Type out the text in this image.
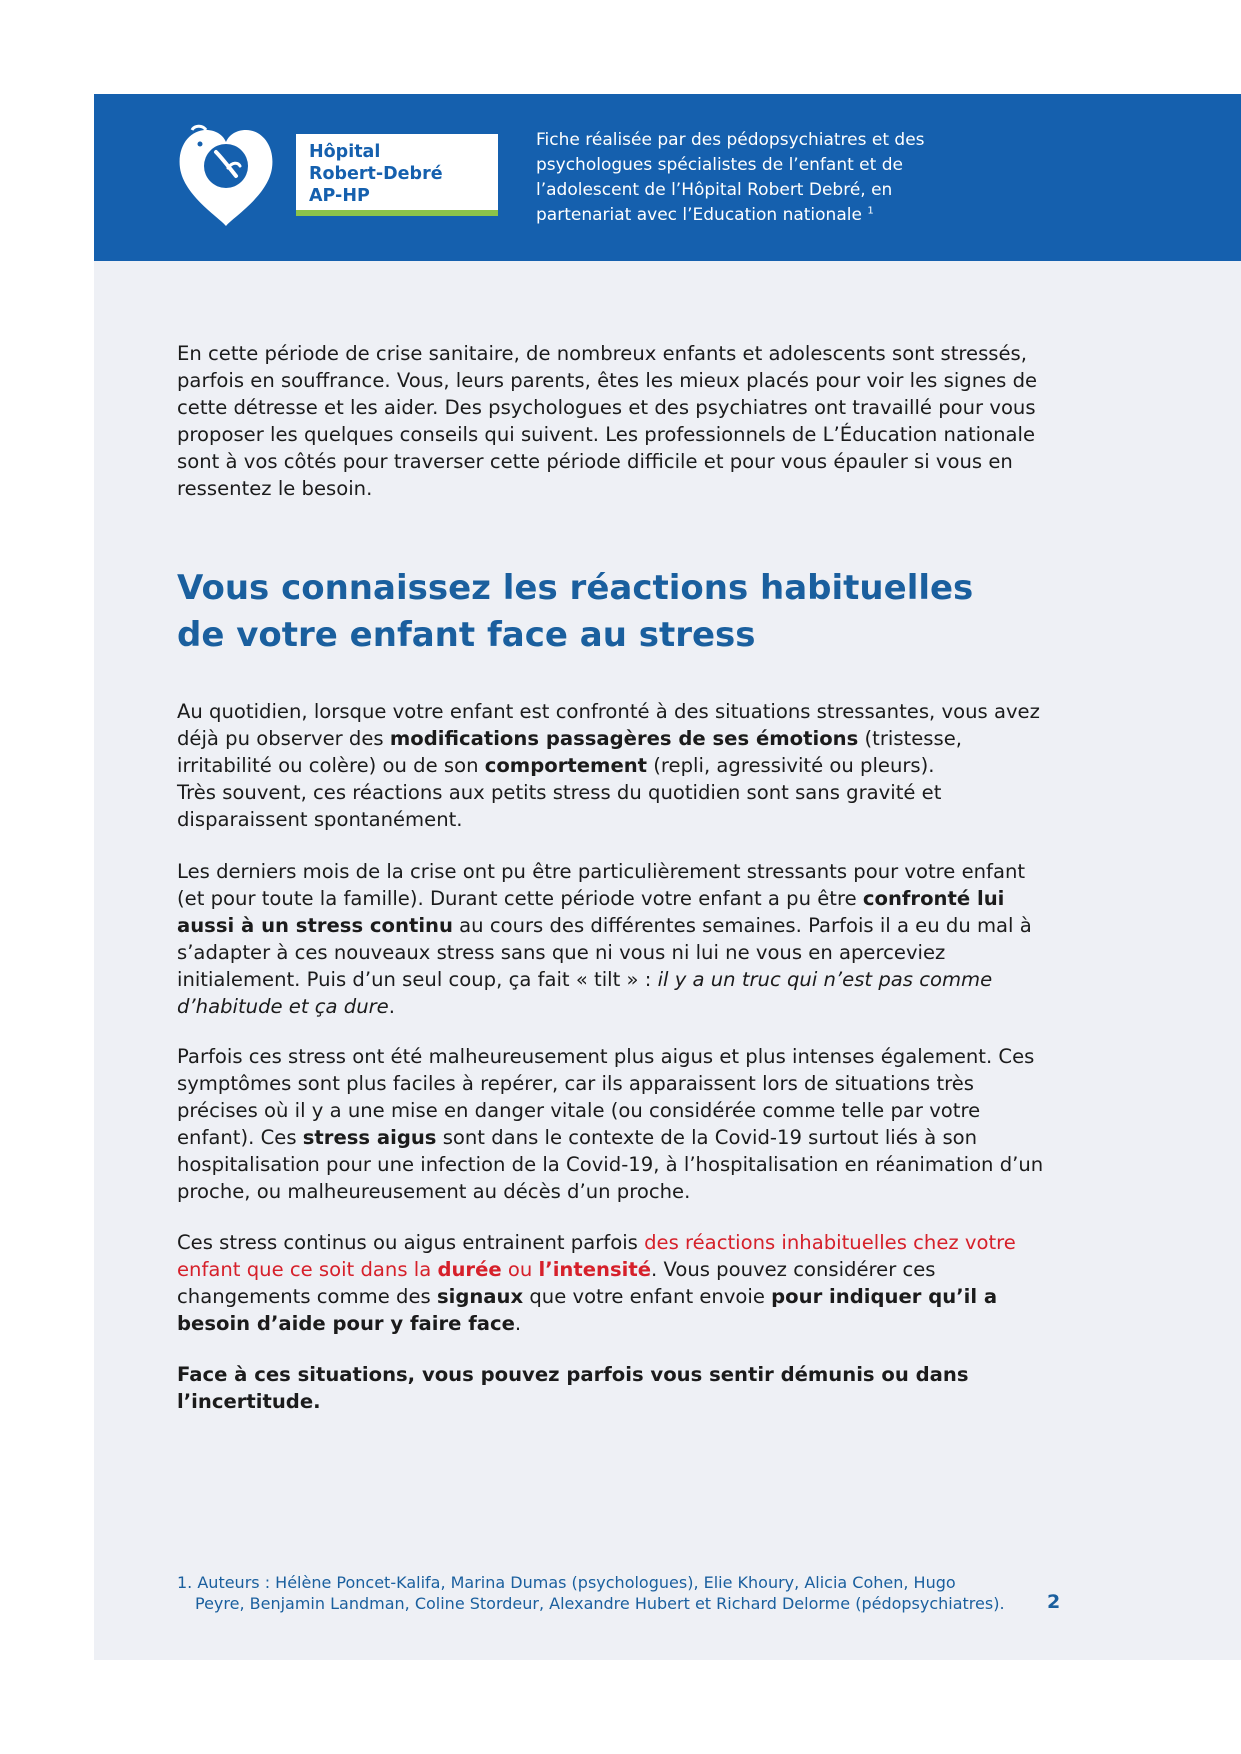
Hôpital
Robert-Debré
AP-HP
Fiche réalisée par des pédopsychiatres et des psychologues spécialistes de l’enfant et de l’adolescent de l’Hôpital Robert Debré, en partenariat avec l’Education nationale $^1$

En cette période de crise sanitaire, de nombreux enfants et adolescents sont stressés, parfois en souffrance. Vous, leurs parents, êtes les mieux placés pour voir les signes de cette détresse et les aider. Des psychologues et des psychiatres ont travaillé pour vous proposer les quelques conseils qui suivent. Les professionnels de L’Éducation nationale sont à vos côtés pour traverser cette période difficile et pour vous épauler si vous en ressentez le besoin.

Vous connaissez les réactions habituelles
de votre enfant face au stress

Au quotidien, lorsque votre enfant est confronté à des situations stressantes, vous avez déjà pu observer des modifications passagères de ses émotions (tristesse, irritabilité ou colère) ou de son comportement (repli, agressivité ou pleurs).
Très souvent, ces réactions aux petits stress du quotidien sont sans gravité et disparaissent spontanément.

Les derniers mois de la crise ont pu être particulièrement stressants pour votre enfant (et pour toute la famille). Durant cette période votre enfant a pu être confronté lui aussi à un stress continu au cours des différentes semaines. Parfois il a eu du mal à s’adapter à ces nouveaux stress sans que ni vous ni lui ne vous en aperceviez initialement. Puis d’un seul coup, ça fait « tilt » : il y a un truc qui n’est pas comme d’habitude et ça dure.

Parfois ces stress ont été malheureusement plus aigus et plus intenses également. Ces symptômes sont plus faciles à repérer, car ils apparaissent lors de situations très précises où il y a une mise en danger vitale (ou considérée comme telle par votre enfant). Ces stress aigus sont dans le contexte de la Covid-19 surtout liés à son hospitalisation pour une infection de la Covid-19, à l’hospitalisation en réanimation d’un proche, ou malheureusement au décès d’un proche.

Ces stress continus ou aigus entrainent parfois des réactions inhabituelles chez votre enfant que ce soit dans la durée ou l’intensité. Vous pouvez considérer ces changements comme des signaux que votre enfant envoie pour indiquer qu’il a besoin d’aide pour y faire face.

Face à ces situations, vous pouvez parfois vous sentir démunis ou dans l’incertitude.

1. Auteurs : Hélène Poncet-Kalifa, Marina Dumas (psychologues), Elie Khoury, Alicia Cohen, Hugo
Peyre, Benjamin Landman, Coline Stordeur, Alexandre Hubert et Richard Delorme (pédopsychiatres).	2
